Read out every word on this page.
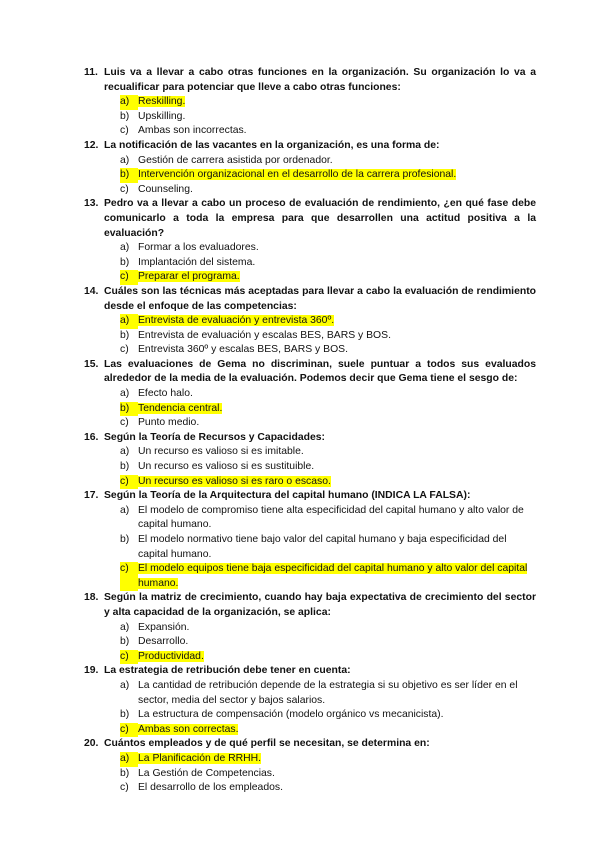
11. Luis va a llevar a cabo otras funciones en la organización. Su organización lo va a recualificar para potenciar que lleve a cabo otras funciones:
a) Reskilling.
b) Upskilling.
c) Ambas son incorrectas.
12. La notificación de las vacantes en la organización, es una forma de:
a) Gestión de carrera asistida por ordenador.
b) Intervención organizacional en el desarrollo de la carrera profesional.
c) Counseling.
13. Pedro va a llevar a cabo un proceso de evaluación de rendimiento, ¿en qué fase debe comunicarlo a toda la empresa para que desarrollen una actitud positiva a la evaluación?
a) Formar a los evaluadores.
b) Implantación del sistema.
c) Preparar el programa.
14. Cuáles son las técnicas más aceptadas para llevar a cabo la evaluación de rendimiento desde el enfoque de las competencias:
a) Entrevista de evaluación y entrevista 360º.
b) Entrevista de evaluación y escalas BES, BARS y BOS.
c) Entrevista 360º y escalas BES, BARS y BOS.
15. Las evaluaciones de Gema no discriminan, suele puntuar a todos sus evaluados alrededor de la media de la evaluación. Podemos decir que Gema tiene el sesgo de:
a) Efecto halo.
b) Tendencia central.
c) Punto medio.
16. Según la Teoría de Recursos y Capacidades:
a) Un recurso es valioso si es imitable.
b) Un recurso es valioso si es sustituible.
c) Un recurso es valioso si es raro o escaso.
17. Según la Teoría de la Arquitectura del capital humano (INDICA LA FALSA):
a) El modelo de compromiso tiene alta especificidad del capital humano y alto valor de capital humano.
b) El modelo normativo tiene bajo valor del capital humano y baja especificidad del capital humano.
c) El modelo equipos tiene baja especificidad del capital humano y alto valor del capital humano.
18. Según la matriz de crecimiento, cuando hay baja expectativa de crecimiento del sector y alta capacidad de la organización, se aplica:
a) Expansión.
b) Desarrollo.
c) Productividad.
19. La estrategia de retribución debe tener en cuenta:
a) La cantidad de retribución depende de la estrategia si su objetivo es ser líder en el sector, media del sector y bajos salarios.
b) La estructura de compensación (modelo orgánico vs mecanicista).
c) Ambas son correctas.
20. Cuántos empleados y de qué perfil se necesitan, se determina en:
a) La Planificación de RRHH.
b) La Gestión de Competencias.
c) El desarrollo de los empleados.
